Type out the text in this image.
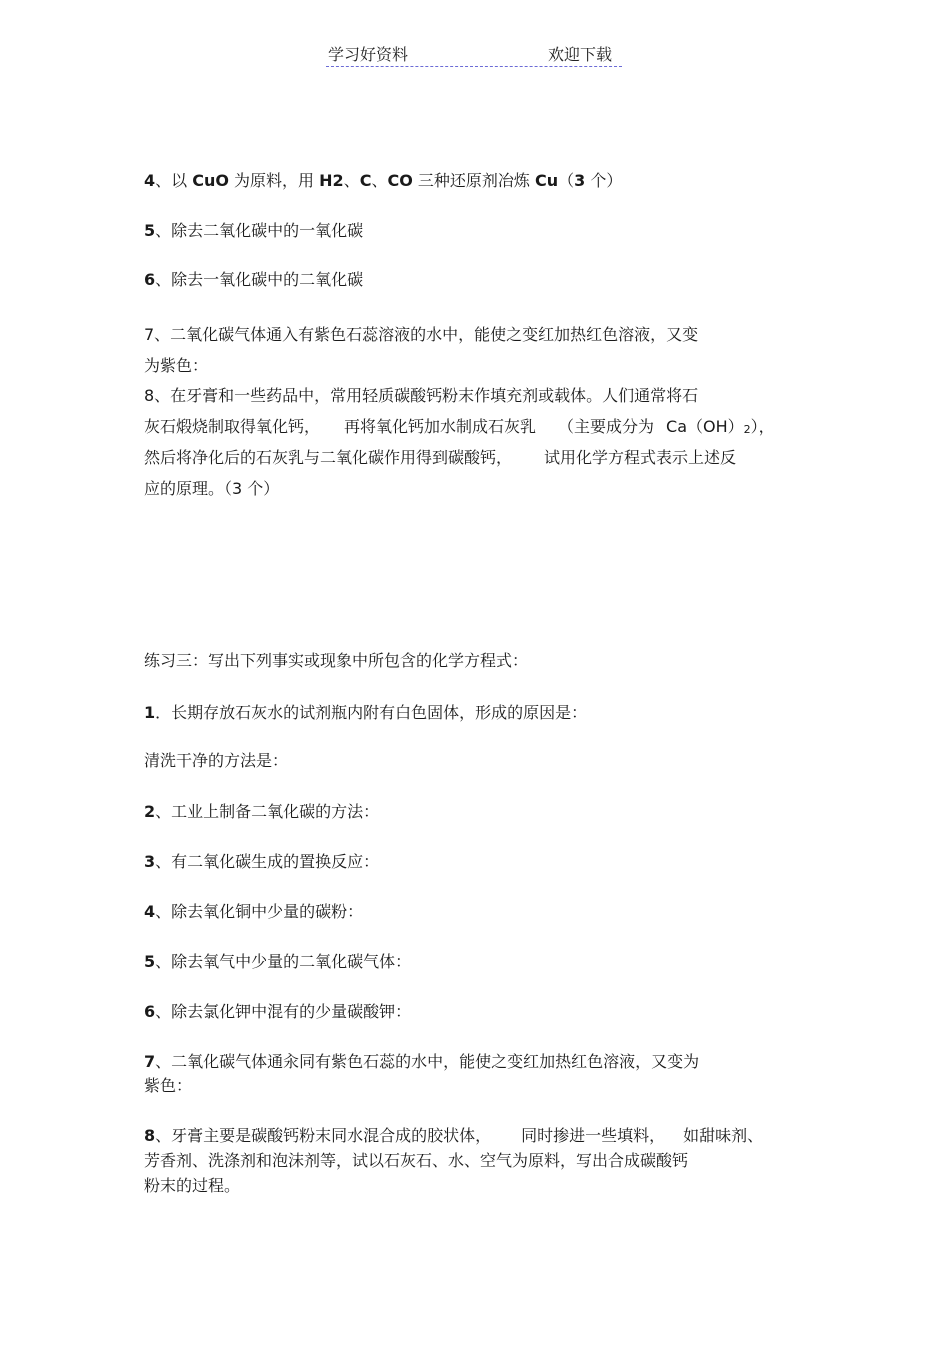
学习好资料	欢迎下载
4、以 CuO 为原料，用 H2、C、CO 三种还原剂冶炼 Cu（3 个）
5、除去二氧化碳中的一氧化碳
6、除去一氧化碳中的二氧化碳
7、二氧化碳气体通入有紫色石蕊溶液的水中，能使之变红加热红色溶液，又变
为紫色：
8、在牙膏和一些药品中，常用轻质碳酸钙粉末作填充剂或载体。人们通常将石
灰石煅烧制取得氧化钙， 再将氧化钙加水制成石灰乳 （主要成分为 Ca（OH）2），
然后将净化后的石灰乳与二氧化碳作用得到碳酸钙， 试用化学方程式表示上述反
应的原理。（3 个）
练习三：写出下列事实或现象中所包含的化学方程式：
1．长期存放石灰水的试剂瓶内附有白色固体，形成的原因是：
清洗干净的方法是：
2、工业上制备二氧化碳的方法：
3、有二氧化碳生成的置换反应：
4、除去氧化铜中少量的碳粉：
5、除去氧气中少量的二氧化碳气体：
6、除去氯化钾中混有的少量碳酸钾：
7、二氧化碳气体通汆同有紫色石蕊的水中，能使之变红加热红色溶液，又变为
紫色：
8、牙膏主要是碳酸钙粉末同水混合成的胶状体， 同时掺进一些填料， 如甜味剂、
芳香剂、洗涤剂和泡沫剂等，试以石灰石、水、空气为原料，写出合成碳酸钙
粉末的过程。
